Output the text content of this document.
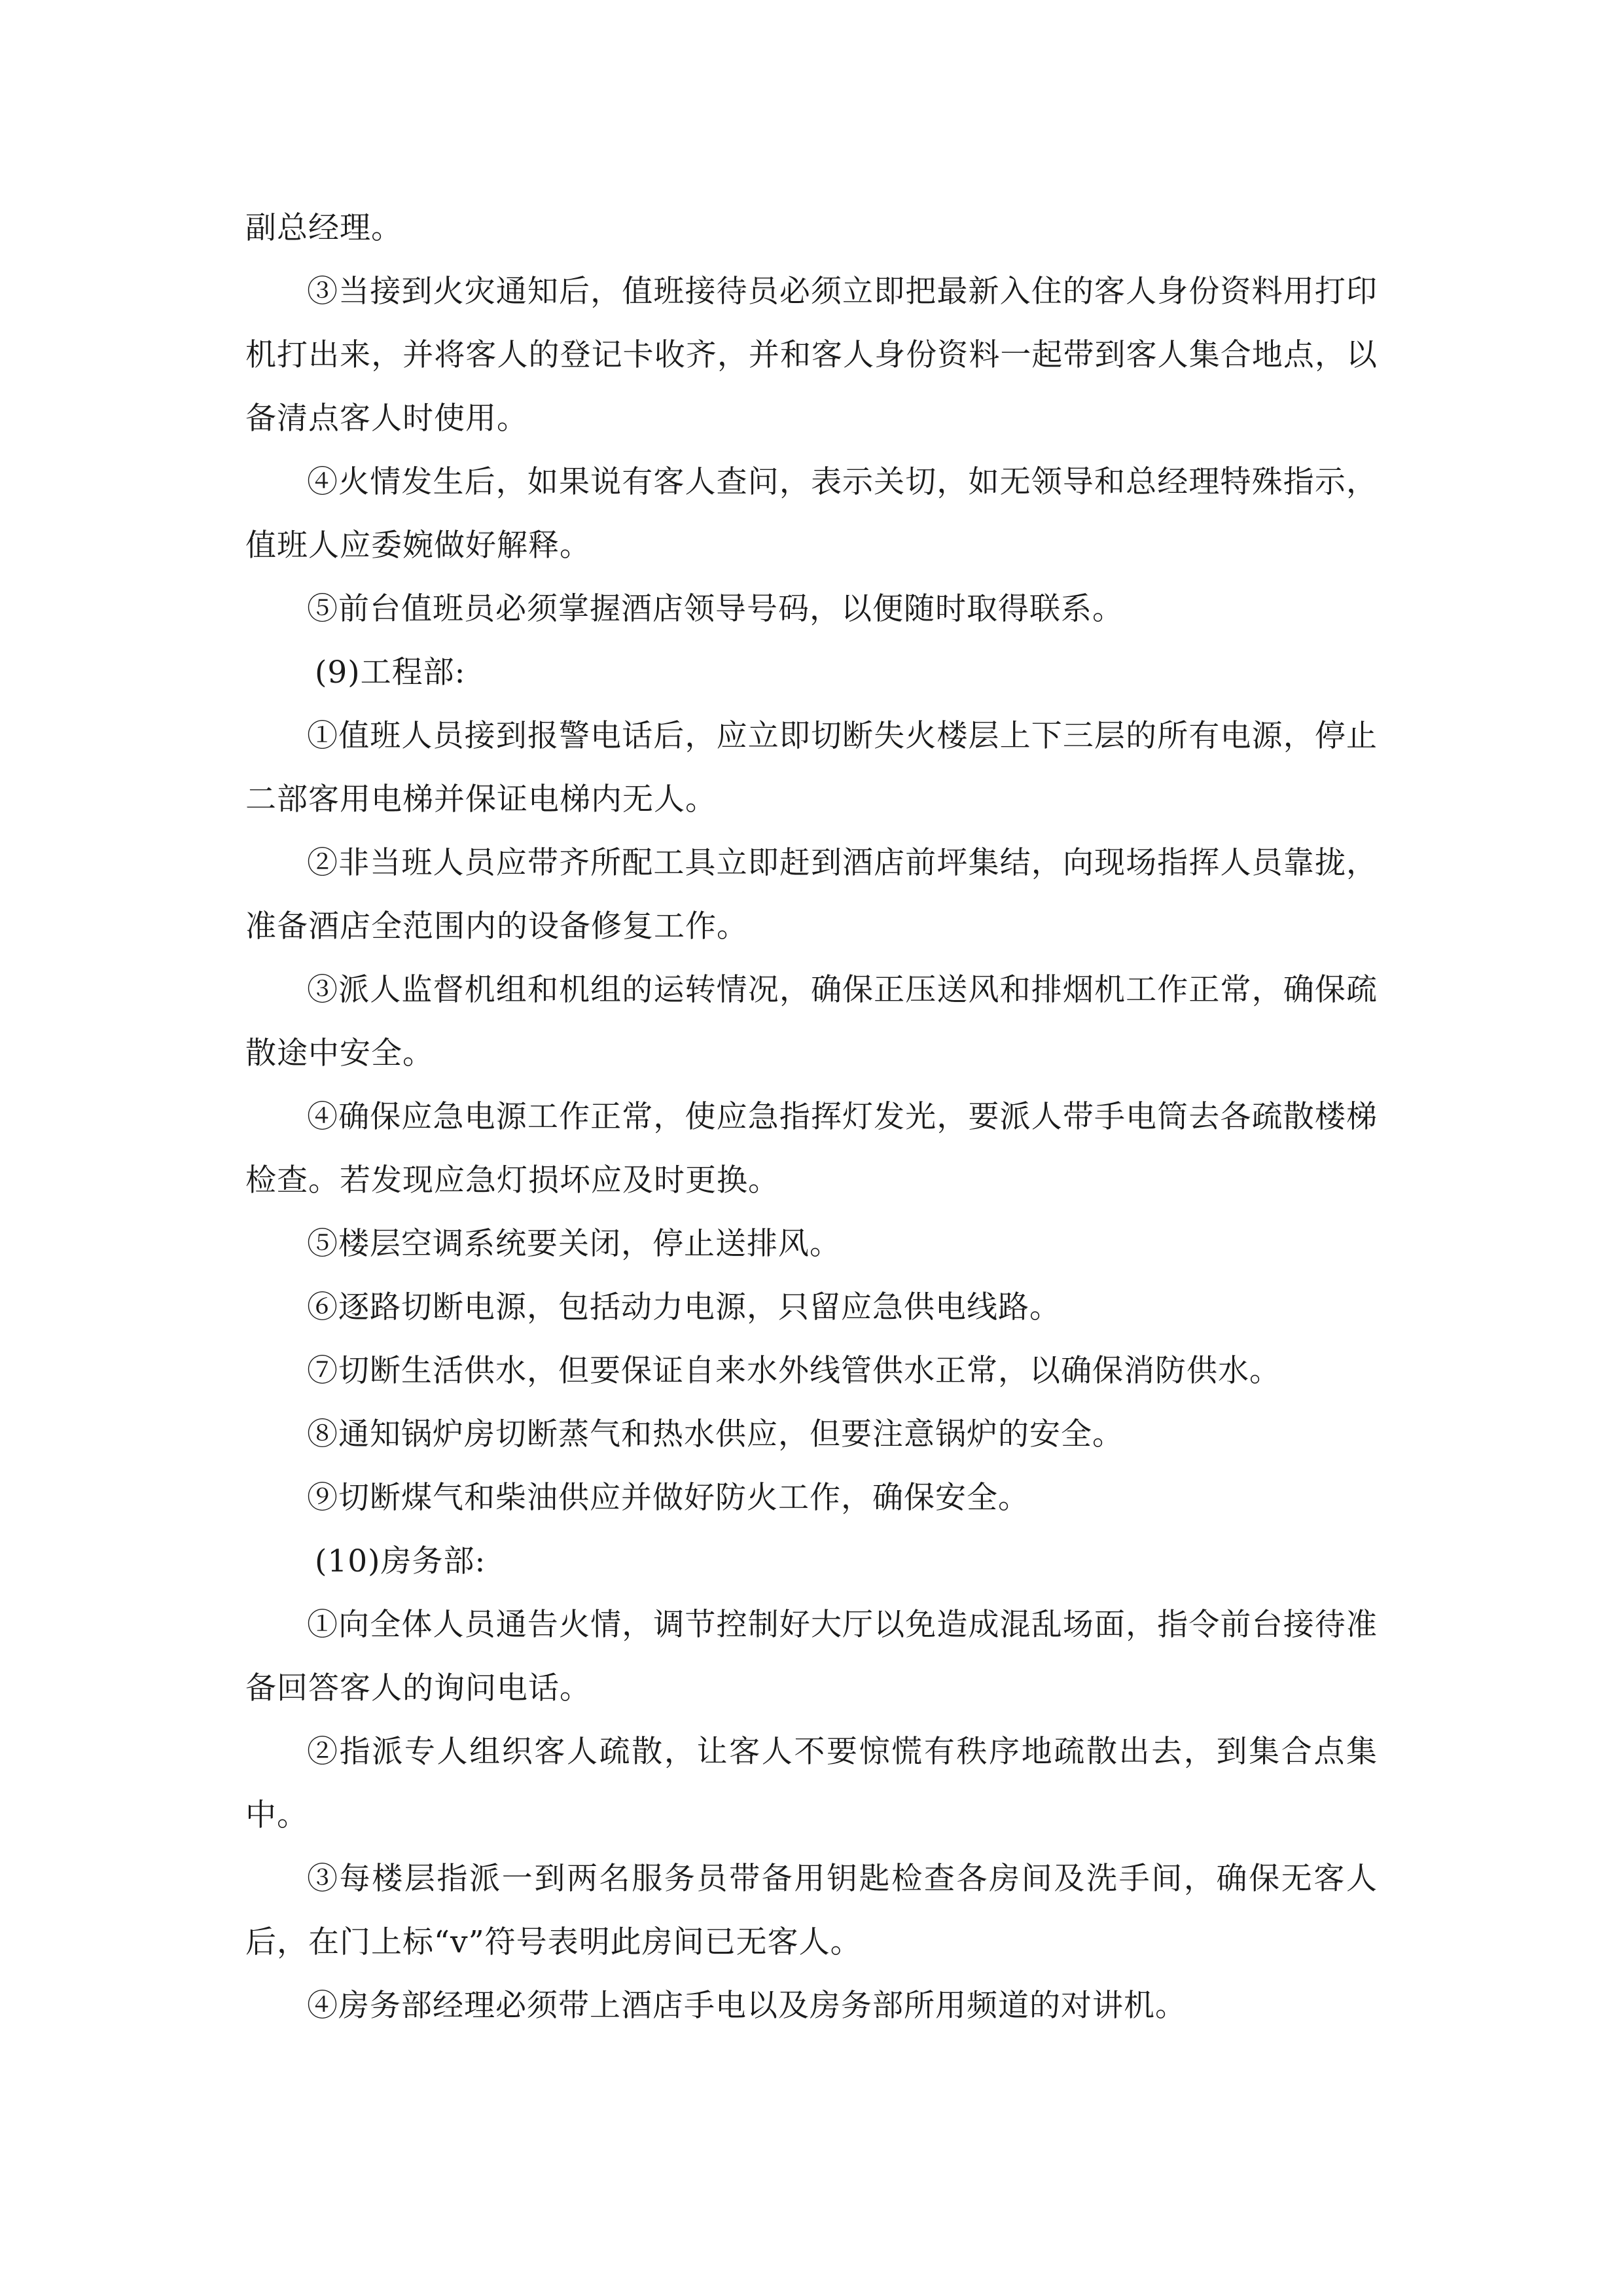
副总经理。

③当接到火灾通知后，值班接待员必须立即把最新入住的客人身份资料用打印机打出来，并将客人的登记卡收齐，并和客人身份资料一起带到客人集合地点，以备清点客人时使用。

④火情发生后，如果说有客人查问，表示关切，如无领导和总经理特殊指示，值班人应委婉做好解释。

⑤前台值班员必须掌握酒店领导号码，以便随时取得联系。

(9)工程部:

①值班人员接到报警电话后，应立即切断失火楼层上下三层的所有电源，停止二部客用电梯并保证电梯内无人。

②非当班人员应带齐所配工具立即赶到酒店前坪集结，向现场指挥人员靠拢，准备酒店全范围内的设备修复工作。

③派人监督机组和机组的运转情况，确保正压送风和排烟机工作正常，确保疏散途中安全。

④确保应急电源工作正常，使应急指挥灯发光，要派人带手电筒去各疏散楼梯检查。若发现应急灯损坏应及时更换。

⑤楼层空调系统要关闭，停止送排风。

⑥逐路切断电源，包括动力电源，只留应急供电线路。

⑦切断生活供水，但要保证自来水外线管供水正常，以确保消防供水。

⑧通知锅炉房切断蒸气和热水供应，但要注意锅炉的安全。

⑨切断煤气和柴油供应并做好防火工作，确保安全。

(10)房务部:

①向全体人员通告火情，调节控制好大厅以免造成混乱场面，指令前台接待准备回答客人的询问电话。

②指派专人组织客人疏散，让客人不要惊慌有秩序地疏散出去，到集合点集中。

③每楼层指派一到两名服务员带备用钥匙检查各房间及洗手间，确保无客人后，在门上标“v”符号表明此房间已无客人。

④房务部经理必须带上酒店手电以及房务部所用频道的对讲机。
